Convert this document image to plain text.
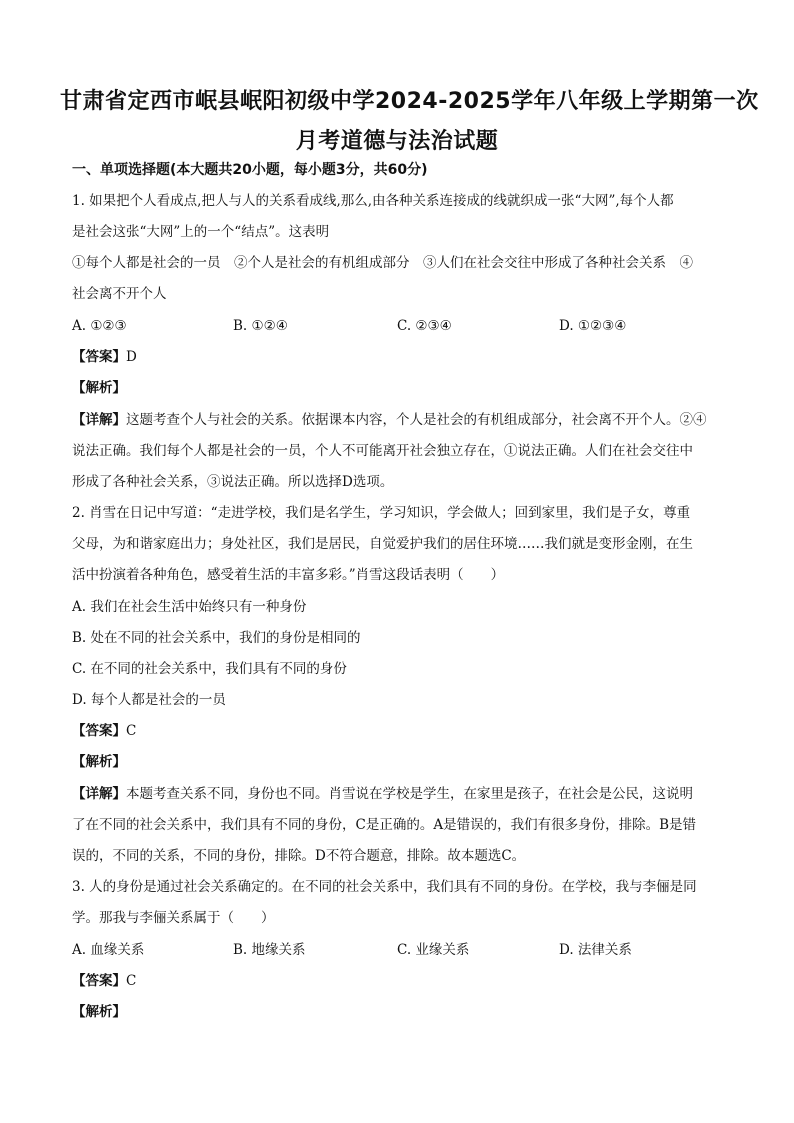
甘肃省定西市岷县岷阳初级中学2024-2025学年八年级上学期第一次
月考道德与法治试题
一、单项选择题(本大题共20小题，每小题3分，共60分)
1. 如果把个人看成点,把人与人的关系看成线,那么,由各种关系连接成的线就织成一张“大网”,每个人都
是社会这张“大网”上的一个“结点”。这表明
①每个人都是社会的一员　②个人是社会的有机组成部分　③人们在社会交往中形成了各种社会关系　④
社会离不开个人
A. ①②③	B. ①②④	C. ②③④	D. ①②③④
【答案】D
【解析】
【详解】这题考查个人与社会的关系。依据课本内容，个人是社会的有机组成部分，社会离不开个人。②④
说法正确。我们每个人都是社会的一员，个人不可能离开社会独立存在，①说法正确。人们在社会交往中
形成了各种社会关系，③说法正确。所以选择D选项。
2. 肖雪在日记中写道：“走进学校，我们是名学生，学习知识，学会做人；回到家里，我们是子女，尊重
父母，为和谐家庭出力；身处社区，我们是居民，自觉爱护我们的居住环境……我们就是变形金刚，在生
活中扮演着各种角色，感受着生活的丰富多彩。”肖雪这段话表明（　　）
A. 我们在社会生活中始终只有一种身份
B. 处在不同的社会关系中，我们的身份是相同的
C. 在不同的社会关系中，我们具有不同的身份
D. 每个人都是社会的一员
【答案】C
【解析】
【详解】本题考查关系不同，身份也不同。肖雪说在学校是学生，在家里是孩子，在社会是公民，这说明
了在不同的社会关系中，我们具有不同的身份，C是正确的。A是错误的，我们有很多身份，排除。B是错
误的，不同的关系，不同的身份，排除。D不符合题意，排除。故本题选C。
3. 人的身份是通过社会关系确定的。在不同的社会关系中，我们具有不同的身份。在学校，我与李俪是同
学。那我与李俪关系属于（　　）
A. 血缘关系	B. 地缘关系	C. 业缘关系	D. 法律关系
【答案】C
【解析】
